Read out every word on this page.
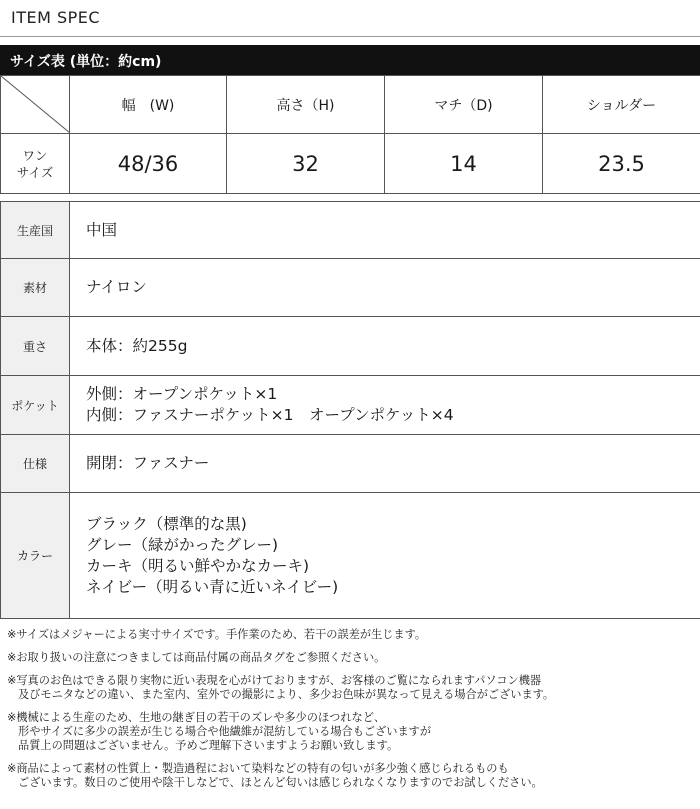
ITEM SPEC
サイズ表 (単位：約cm)
	幅　(W)	高さ（H)	マチ（D)	ショルダー
ワン
サイズ	48/36	32	14	23.5
生産国	中国
素材	ナイロン
重さ	本体：約255g
ポケット	外側：オープンポケット×1
内側：ファスナーポケット×1　オープンポケット×4

仕様	開閉：ファスナー
カラー	ブラック（標準的な黒)
グレー（緑がかったグレー)
カーキ（明るい鮮やかなカーキ)
ネイビー（明るい青に近いネイビー)

※サイズはメジャーによる実寸サイズです。手作業のため、若干の誤差が生じます。

※お取り扱いの注意につきましては商品付属の商品タグをご参照ください。

※写真のお色はできる限り実物に近い表現を心がけておりますが、お客様のご覧になられますパソコン機器
及びモニタなどの違い、また室内、室外での撮影により、多少お色味が異なって見える場合がございます。

※機械による生産のため、生地の継ぎ目の若干のズレや多少のほつれなど、
形やサイズに多少の誤差が生じる場合や他繊維が混紡している場合もございますが
品質上の問題はございません。予めご理解下さいますようお願い致します。

※商品によって素材の性質上・製造過程において染料などの特有の匂いが多少強く感じられるものも
ございます。数日のご使用や陰干しなどで、ほとんど匂いは感じられなくなりますのでお試しください。
